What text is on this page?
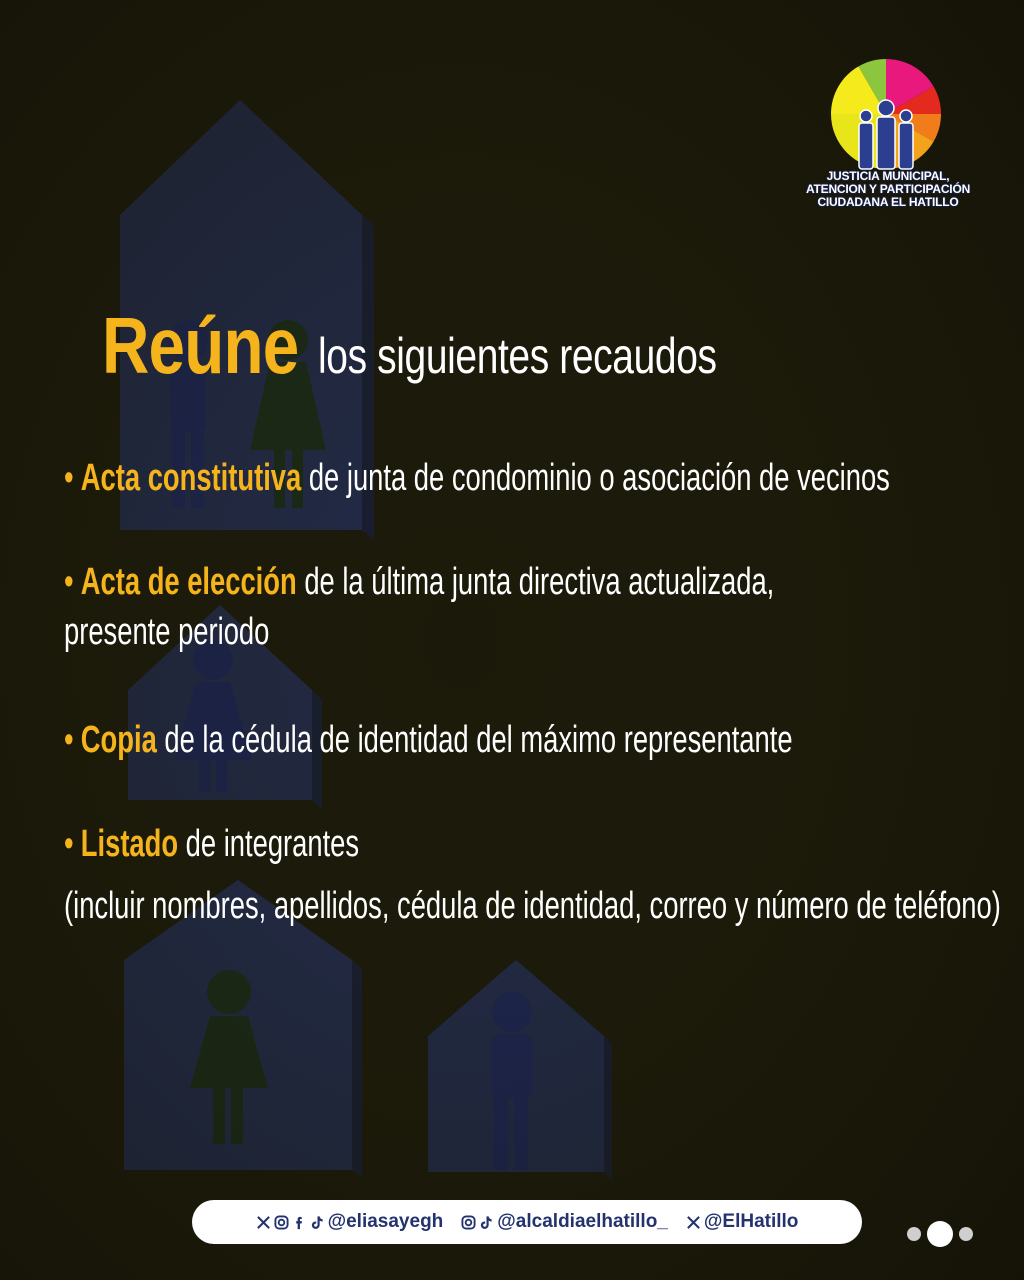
JUSTICIA MUNICIPAL,
ATENCION Y PARTICIPACIÓN
CIUDADANA EL HATILLO
Reúne los siguientes recaudos
• Acta constitutiva de junta de condominio o asociación de vecinos
• Acta de elección de la última junta directiva actualizada,
presente periodo
• Copia de la cédula de identidad del máximo representante
• Listado de integrantes
(incluir nombres, apellidos, cédula de identidad, correo y número de teléfono)
@eliasayegh	@alcaldiaelhatillo_ @ElHatillo
